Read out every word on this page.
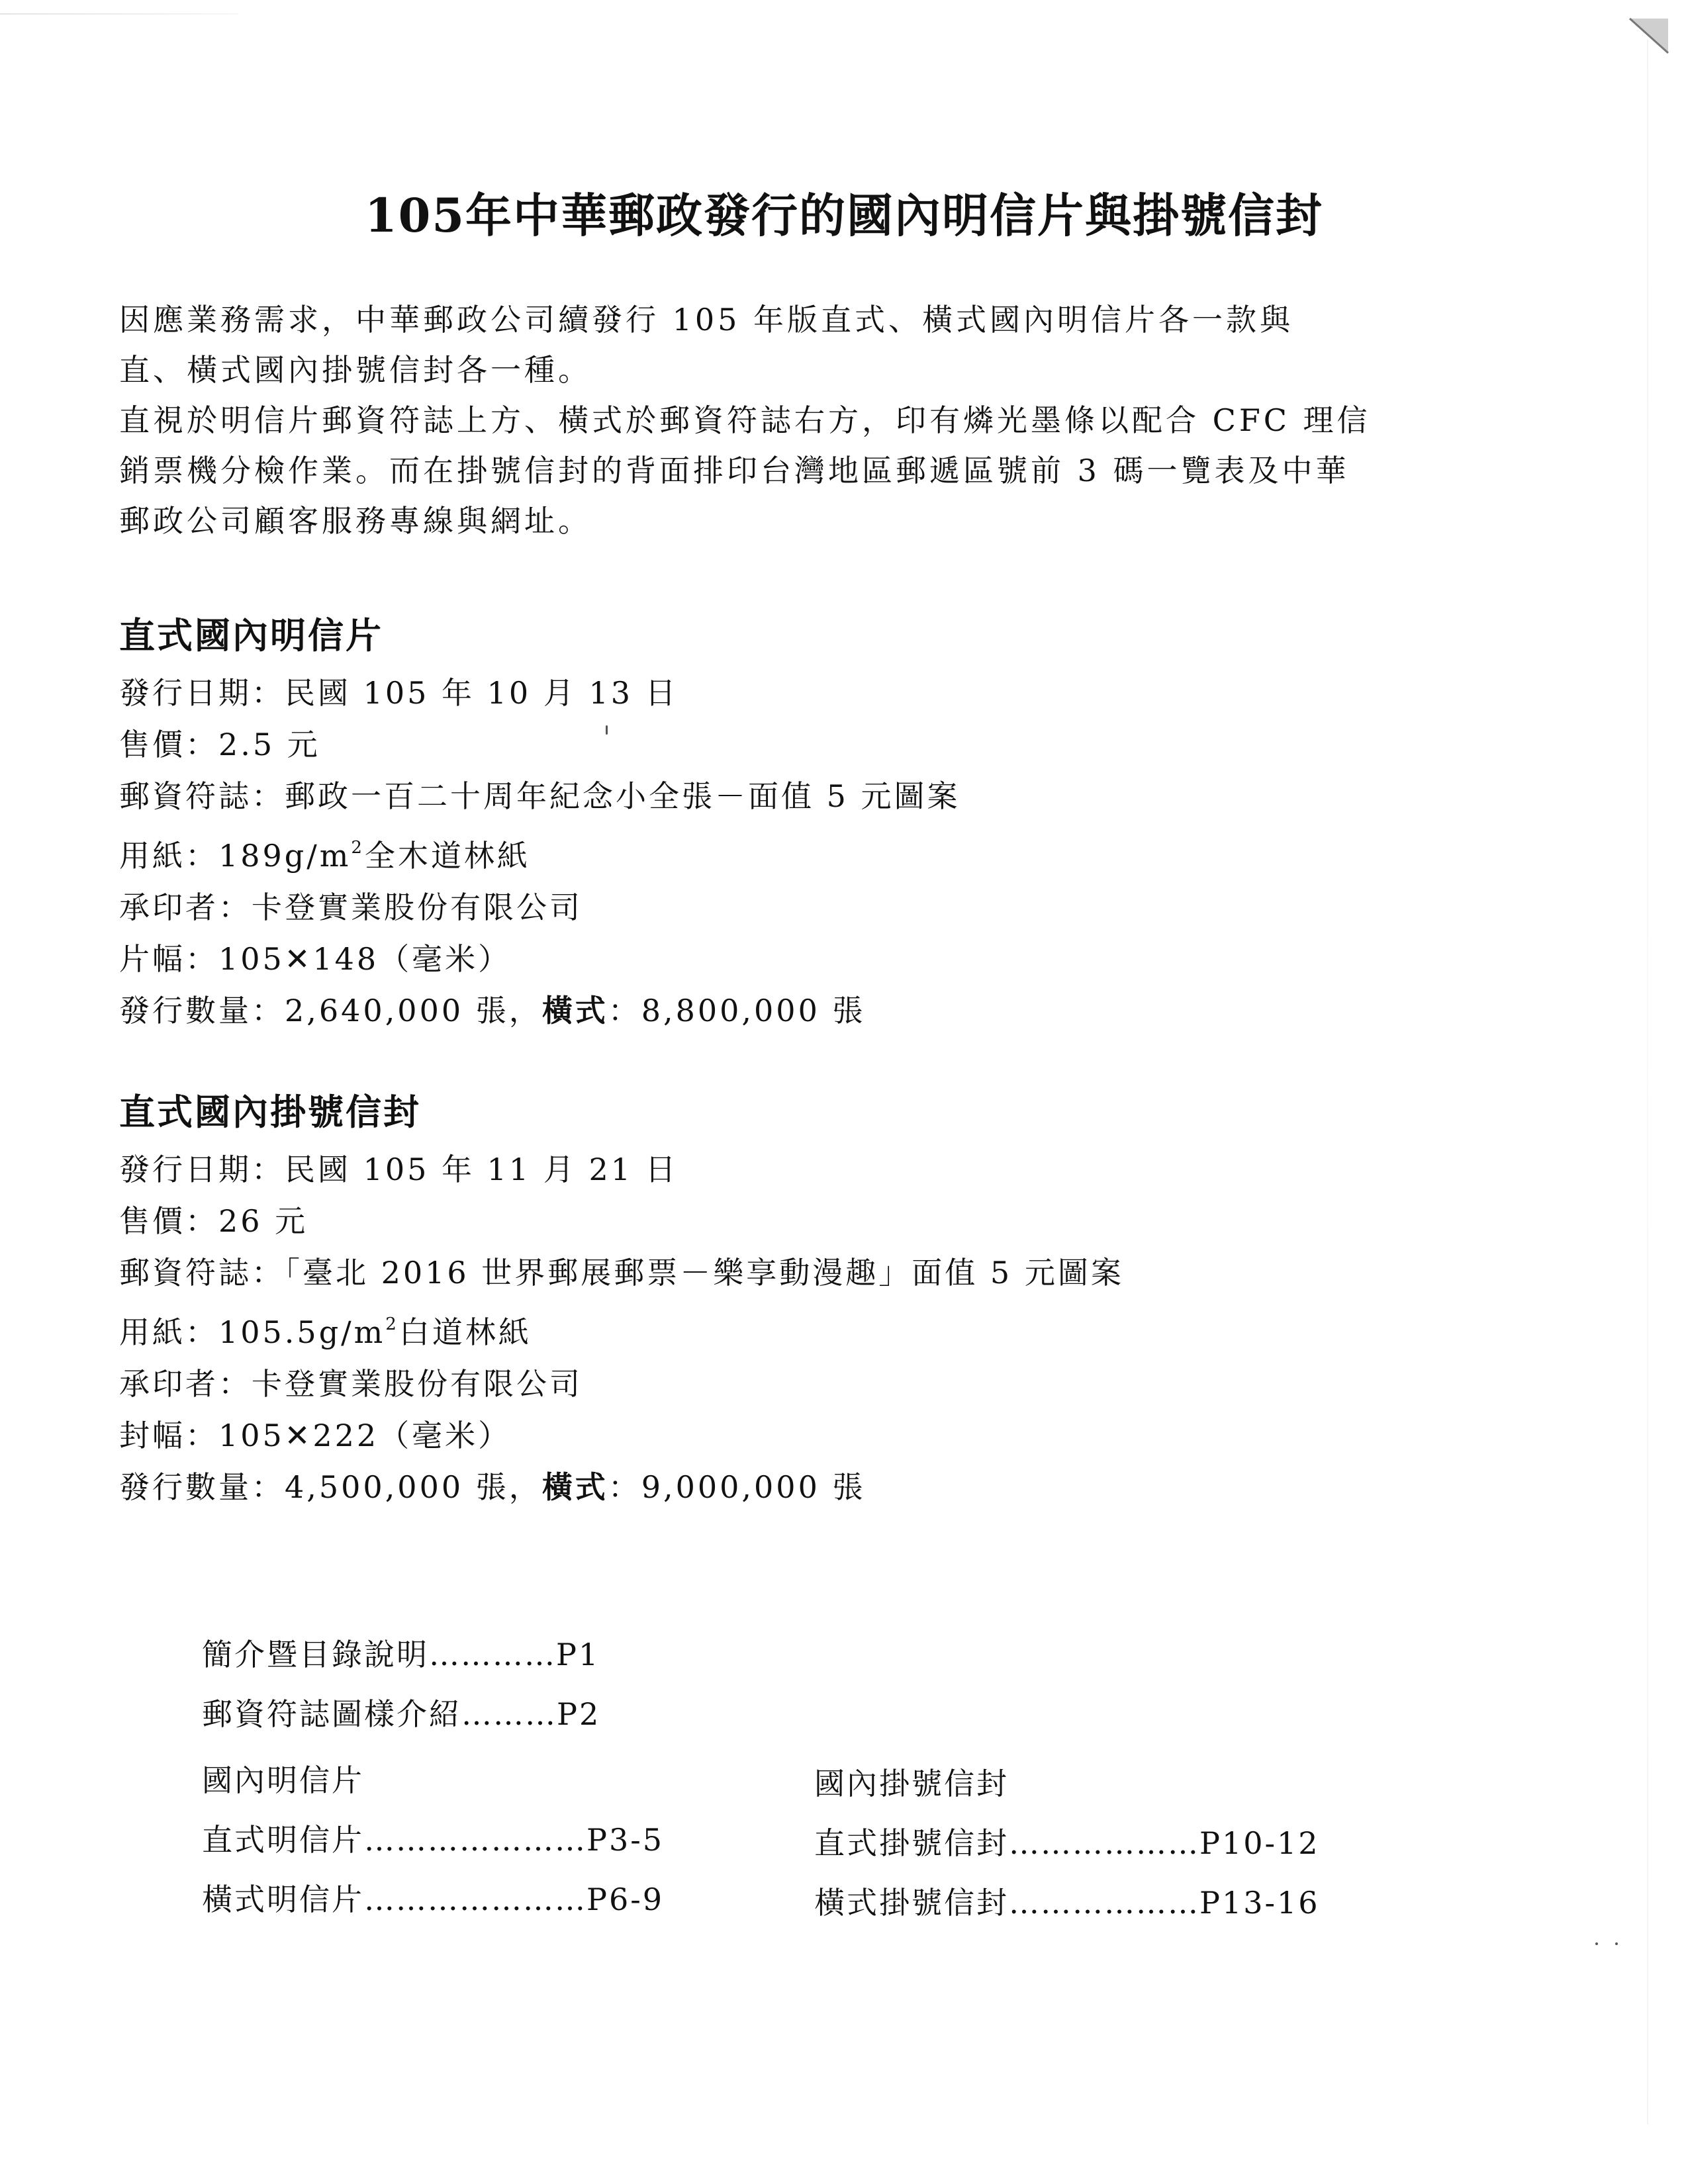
105年中華郵政發行的國內明信片與掛號信封

因應業務需求，中華郵政公司續發行 105 年版直式、橫式國內明信片各一款與

直、橫式國內掛號信封各一種。

直視於明信片郵資符誌上方、橫式於郵資符誌右方，印有燐光墨條以配合 CFC 理信

銷票機分檢作業。而在掛號信封的背面排印台灣地區郵遞區號前 3 碼一覽表及中華

郵政公司顧客服務專線與網址。

直式國內明信片
發行日期：民國 105 年 10 月 13 日
售價：2.5 元
郵資符誌：郵政一百二十周年紀念小全張－面值 5 元圖案
用紙：$189g/m^2$全木道林紙
承印者：卡登實業股份有限公司
片幅：105✕148（毫米）
發行數量：2,640,000 張，橫式：8,800,000 張
直式國內掛號信封
發行日期：民國 105 年 11 月 21 日
售價：26 元
郵資符誌：「臺北 2016 世界郵展郵票－樂享動漫趣」面值 5 元圖案
用紙：$105.5g/m^2$白道林紙
承印者：卡登實業股份有限公司
封幅：105✕222（毫米）
發行數量：4,500,000 張，橫式：9,000,000 張
簡介暨目錄說明…………P1
郵資符誌圖樣介紹………P2
國內明信片
直式明信片…………………P3-5
橫式明信片…………………P6-9
國內掛號信封
直式掛號信封………………P10-12
橫式掛號信封………………P13-16
